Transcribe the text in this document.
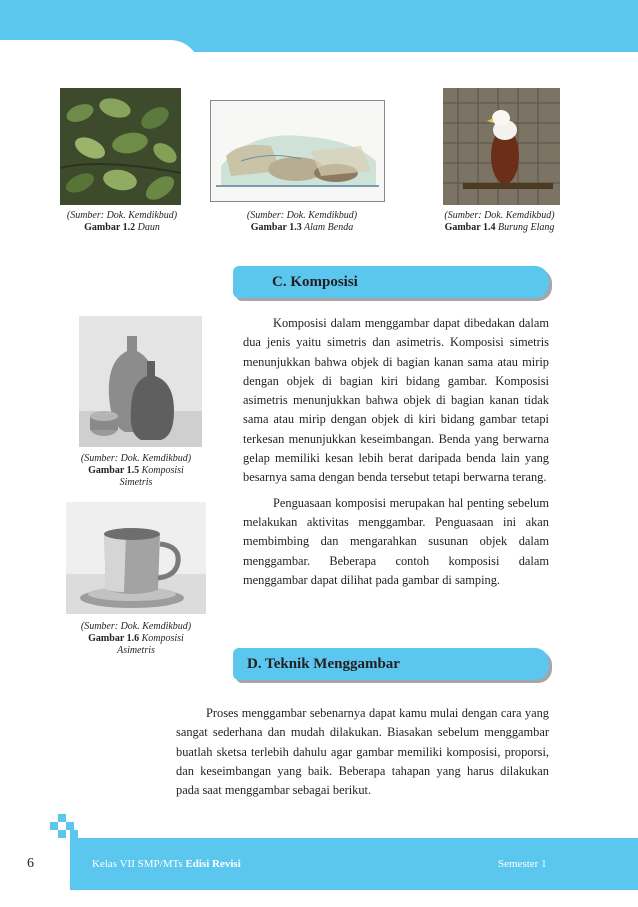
(Sumber: Dok. Kemdikbud)
Gambar 1.2 Daun
(Sumber: Dok. Kemdikbud)
Gambar 1.3 Alam Benda
(Sumber: Dok. Kemdikbud)
Gambar 1.4 Burung Elang
C. Komposisi
(Sumber: Dok. Kemdikbud)
Gambar 1.5 Komposisi
Simetris
(Sumber: Dok. Kemdikbud)
Gambar 1.6 Komposisi
Asimetris

Komposisi dalam menggambar dapat dibedakan dalam dua jenis yaitu simetris dan asimetris. Komposisi simetris menunjukkan bahwa objek di bagian kanan sama atau mirip dengan objek di bagian kiri bidang gambar. Komposisi asimetris menunjukkan bahwa objek di bagian kanan tidak sama atau mirip dengan objek di kiri bidang gambar tetapi terkesan menunjukkan keseimbangan. Benda yang berwarna gelap memiliki kesan lebih berat daripada benda lain yang besarnya sama dengan benda tersebut tetapi berwarna terang.

Penguasaan komposisi merupakan hal penting sebelum melakukan aktivitas menggambar. Penguasaan ini akan membimbing dan mengarahkan susunan objek dalam menggambar. Beberapa contoh komposisi dalam menggambar dapat dilihat pada gambar di samping.

D. Teknik Menggambar

Proses menggambar sebenarnya dapat kamu mulai dengan cara yang sangat sederhana dan mudah dilakukan. Biasakan sebelum menggambar buatlah sketsa terlebih dahulu agar gambar memiliki komposisi, proporsi, dan keseimbangan yang baik. Beberapa tahapan yang harus dilakukan pada saat menggambar sebagai berikut.

6	Kelas VII SMP/MTs Edisi Revisi	Semester 1
